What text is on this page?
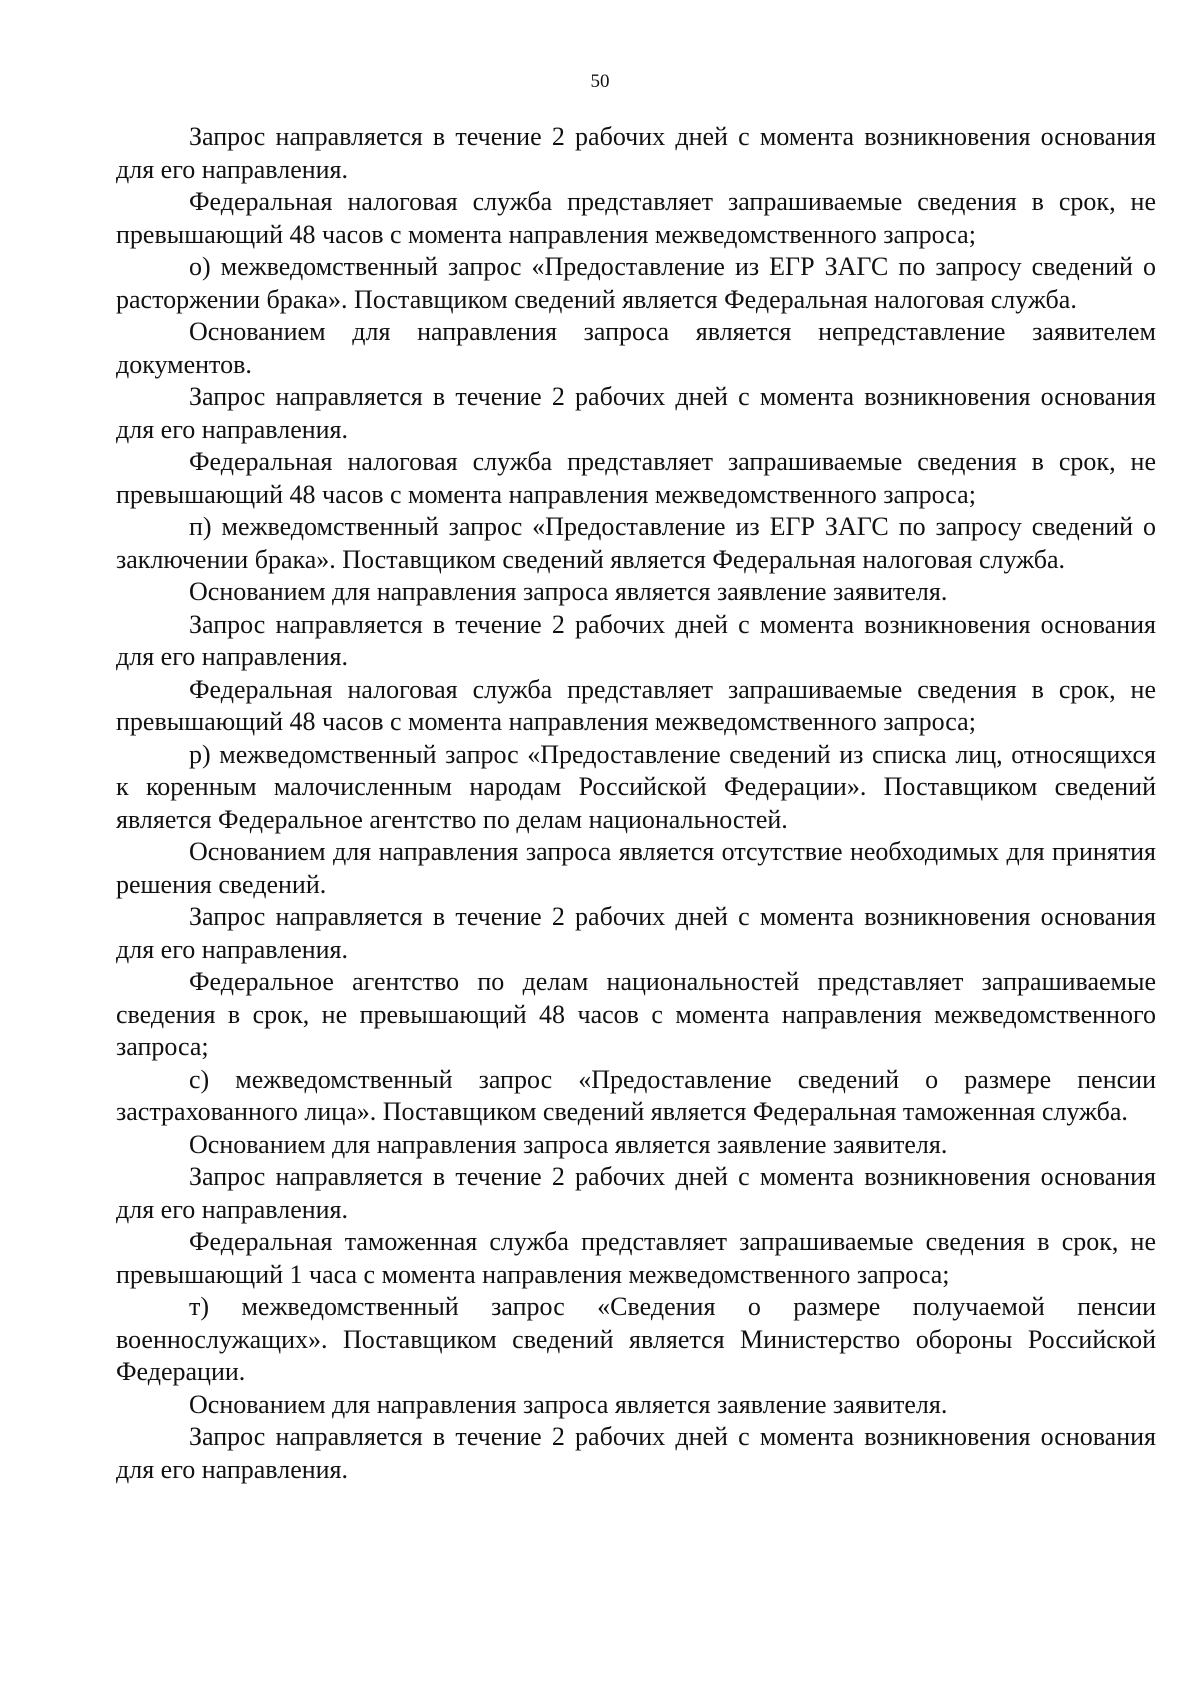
50

Запрос направляется в течение 2 рабочих дней с момента возникновения основания для его направления.

Федеральная налоговая служба представляет запрашиваемые сведения в срок, не превышающий 48 часов с момента направления межведомственного запроса;

о) межведомственный запрос «Предоставление из ЕГР ЗАГС по запросу сведений о расторжении брака». Поставщиком сведений является Федеральная налоговая служба.

Основанием для направления запроса является непредставление заявителем документов.

Запрос направляется в течение 2 рабочих дней с момента возникновения основания для его направления.

Федеральная налоговая служба представляет запрашиваемые сведения в срок, не превышающий 48 часов с момента направления межведомственного запроса;

п) межведомственный запрос «Предоставление из ЕГР ЗАГС по запросу сведений о заключении брака». Поставщиком сведений является Федеральная налоговая служба.

Основанием для направления запроса является заявление заявителя.

Запрос направляется в течение 2 рабочих дней с момента возникновения основания для его направления.

Федеральная налоговая служба представляет запрашиваемые сведения в срок, не превышающий 48 часов с момента направления межведомственного запроса;

р) межведомственный запрос «Предоставление сведений из списка лиц, относящихся к коренным малочисленным народам Российской Федерации». Поставщиком сведений является Федеральное агентство по делам национальностей.

Основанием для направления запроса является отсутствие необходимых для принятия решения сведений.

Запрос направляется в течение 2 рабочих дней с момента возникновения основания для его направления.

Федеральное агентство по делам национальностей представляет запрашиваемые сведения в срок, не превышающий 48 часов с момента направления межведомственного запроса;

с) межведомственный запрос «Предоставление сведений о размере пенсии застрахованного лица». Поставщиком сведений является Федеральная таможенная служба.

Основанием для направления запроса является заявление заявителя.

Запрос направляется в течение 2 рабочих дней с момента возникновения основания для его направления.

Федеральная таможенная служба представляет запрашиваемые сведения в срок, не превышающий 1 часа с момента направления межведомственного запроса;

т) межведомственный запрос «Сведения о размере получаемой пенсии военнослужащих». Поставщиком сведений является Министерство обороны Российской Федерации.

Основанием для направления запроса является заявление заявителя.

Запрос направляется в течение 2 рабочих дней с момента возникновения основания для его направления.
